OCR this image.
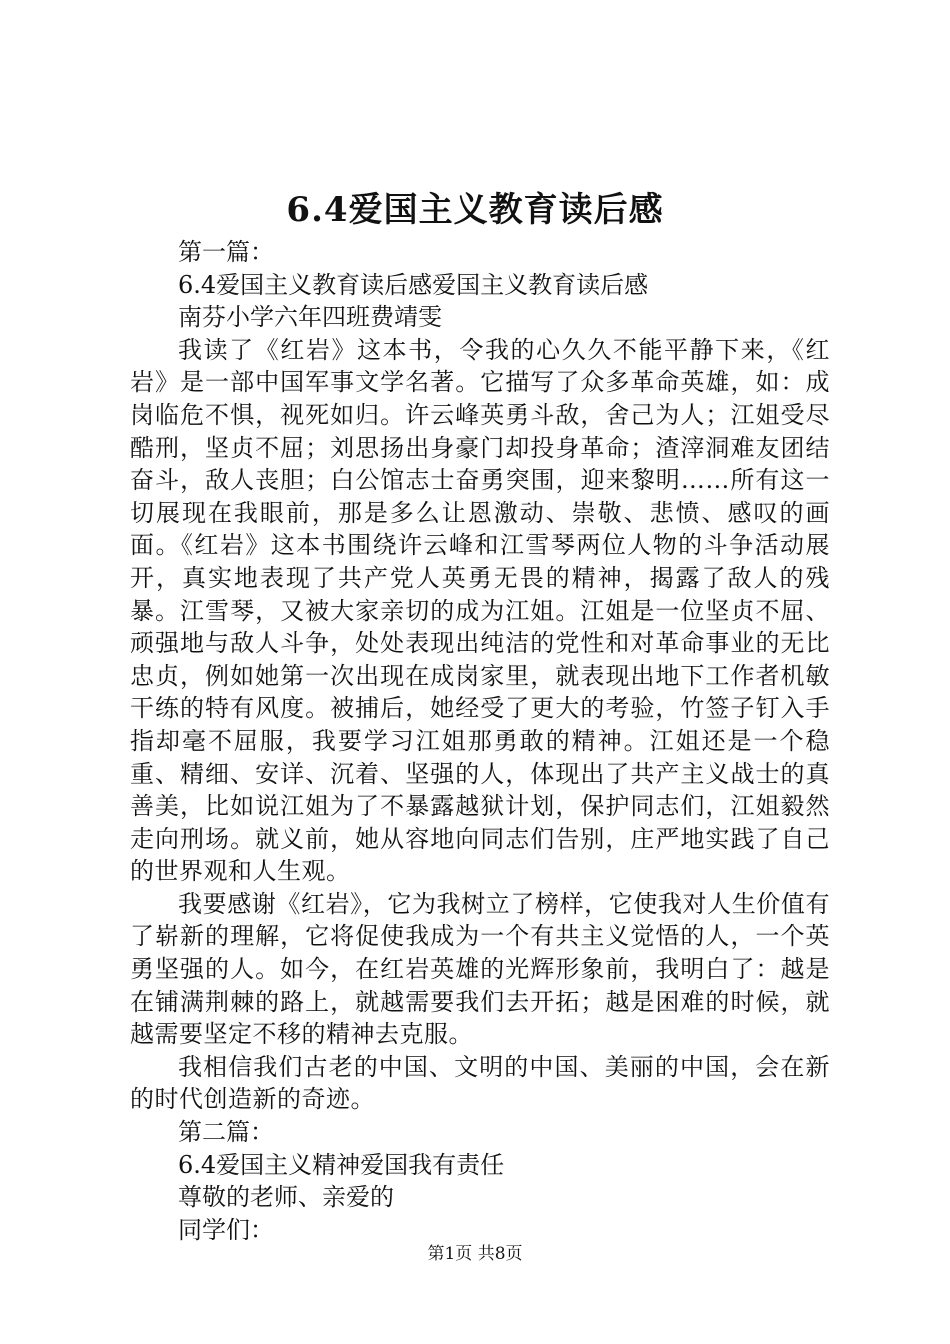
6.4爱国主义教育读后感

第一篇：

6.4爱国主义教育读后感爱国主义教育读后感

南芬小学六年四班费靖雯

我读了《红岩》这本书，令我的心久久不能平静下来，《红岩》是一部中国军事文学名著。它描写了众多革命英雄，如：成岗临危不惧，视死如归。许云峰英勇斗敌，舍己为人；江姐受尽酷刑，坚贞不屈；刘思扬出身豪门却投身革命；渣滓洞难友团结奋斗，敌人丧胆；白公馆志士奋勇突围，迎来黎明……所有这一切展现在我眼前，那是多么让恩激动、崇敬、悲愤、感叹的画面。《红岩》这本书围绕许云峰和江雪琴两位人物的斗争活动展开，真实地表现了共产党人英勇无畏的精神，揭露了敌人的残暴。江雪琴，又被大家亲切的成为江姐。江姐是一位坚贞不屈、顽强地与敌人斗争，处处表现出纯洁的党性和对革命事业的无比忠贞，例如她第一次出现在成岗家里，就表现出地下工作者机敏干练的特有风度。被捕后，她经受了更大的考验，竹签子钉入手指却毫不屈服，我要学习江姐那勇敢的精神。江姐还是一个稳重、精细、安详、沉着、坚强的人，体现出了共产主义战士的真善美，比如说江姐为了不暴露越狱计划，保护同志们，江姐毅然走向刑场。就义前，她从容地向同志们告别，庄严地实践了自己的世界观和人生观。

我要感谢《红岩》，它为我树立了榜样，它使我对人生价值有了崭新的理解，它将促使我成为一个有共主义觉悟的人，一个英勇坚强的人。如今，在红岩英雄的光辉形象前，我明白了：越是在铺满荆棘的路上，就越需要我们去开拓；越是困难的时候，就越需要坚定不移的精神去克服。

我相信我们古老的中国、文明的中国、美丽的中国，会在新的时代创造新的奇迹。

第二篇：

6.4爱国主义精神爱国我有责任

尊敬的老师、亲爱的

同学们：

第1页 共8页
